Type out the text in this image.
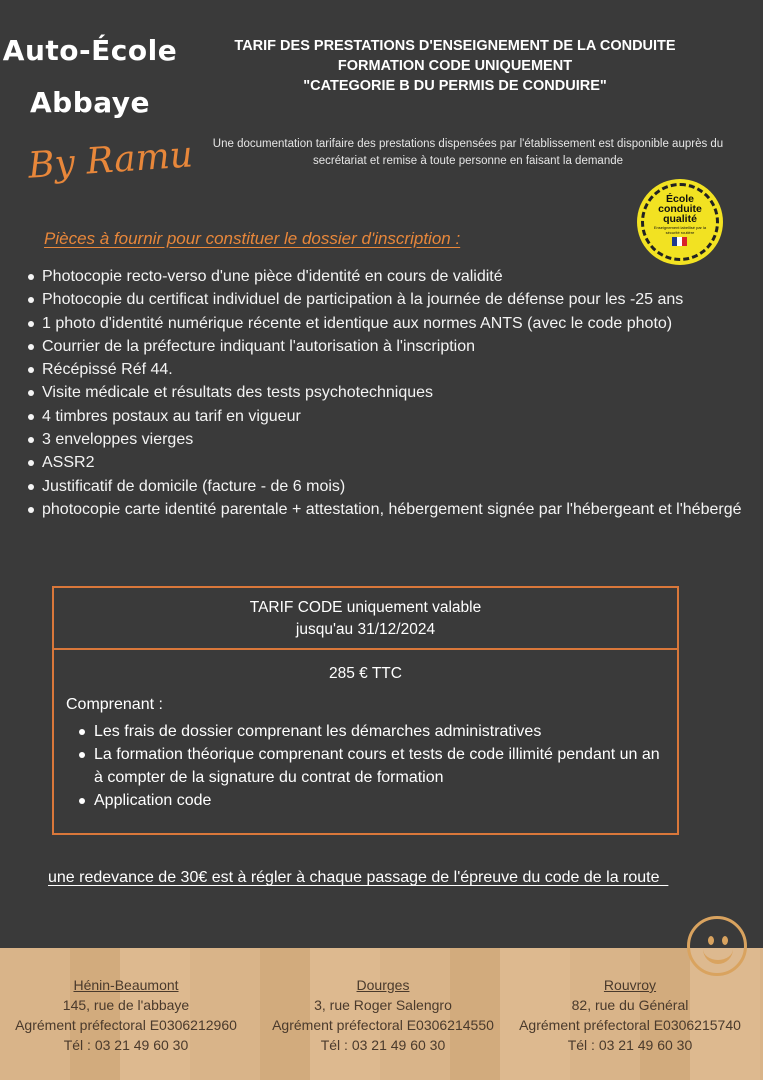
Auto-École
Abbaye
By Ramu
TARIF DES PRESTATIONS D'ENSEIGNEMENT DE LA CONDUITE
FORMATION CODE UNIQUEMENT
"CATEGORIE B DU PERMIS DE CONDUIRE"
Une documentation tarifaire des prestations dispensées par l'établissement est disponible auprès du secrétariat et remise à toute personne en faisant la demande
École
conduite
qualité
Enseignement labellisé par la sécurité routière
Pièces à fournir pour constituer le dossier d'inscription :
Photocopie recto-verso d'une pièce d'identité en cours de validité
Photocopie du certificat individuel de participation à la journée de défense pour les -25 ans
1 photo d'identité numérique récente et identique aux normes ANTS (avec le code photo)
Courrier de la préfecture indiquant l'autorisation à l'inscription
Récépissé Réf 44.
Visite médicale et résultats des tests psychotechniques
4 timbres postaux au tarif en vigueur
3 enveloppes vierges
ASSR2
Justificatif de domicile (facture - de 6 mois)
photocopie carte identité parentale + attestation, hébergement signée par l'hébergeant et l'hébergé
TARIF CODE uniquement valable
jusqu'au 31/12/2024
285 € TTC
Comprenant :
Les frais de dossier comprenant les démarches administratives
La formation théorique comprenant cours et tests de code illimité pendant un an à compter de la signature du contrat de formation
Application code
une redevance de 30€ est à régler à chaque passage de l'épreuve du code de la route
Hénin-Beaumont
145, rue de l'abbaye
Agrément préfectoral E0306212960
Tél : 03 21 49 60 30
Dourges
3, rue Roger Salengro
Agrément préfectoral E0306214550
Tél : 03 21 49 60 30
Rouvroy
82, rue du Général
Agrément préfectoral E0306215740
Tél : 03 21 49 60 30
